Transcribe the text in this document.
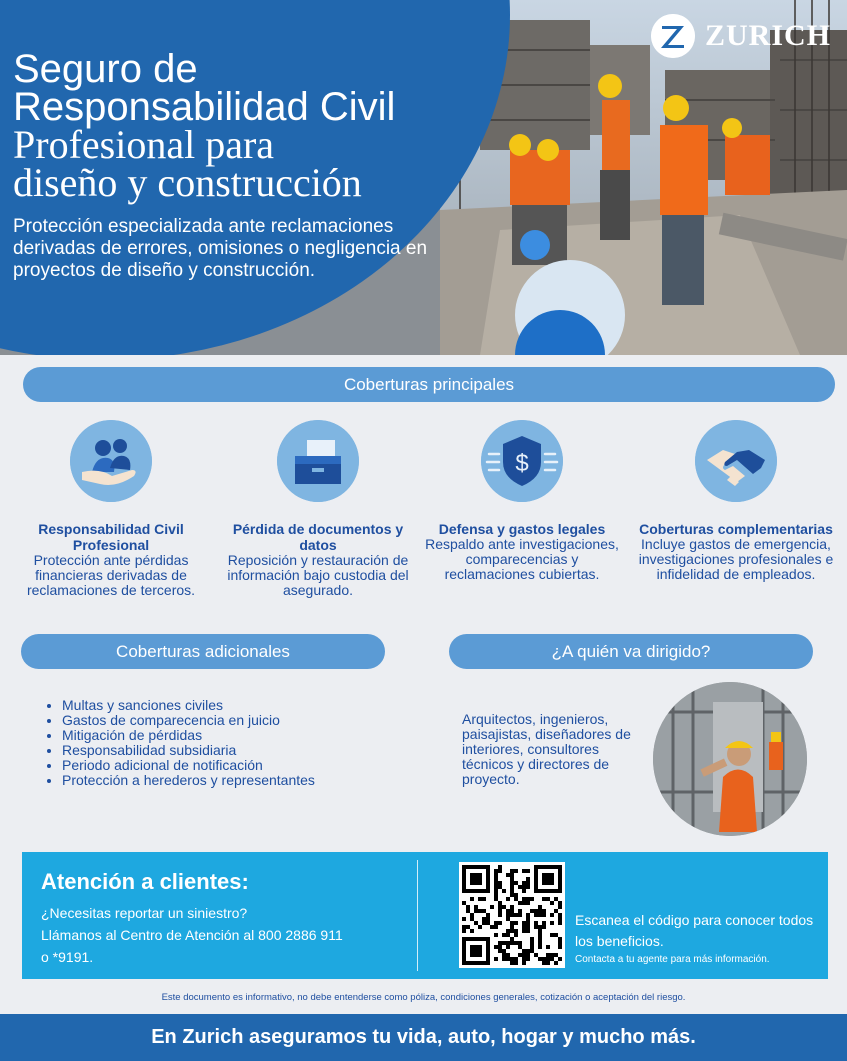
Seguro de
Responsabilidad Civil
Profesional para
diseño y construcción
Protección especializada ante reclamaciones derivadas de errores, omisiones o negligencia en proyectos de diseño y construcción.
ZURICH
Coberturas principales
Responsabilidad Civil Profesional
Protección ante pérdidas financieras derivadas de reclamaciones de terceros.
Pérdida de documentos y datos
Reposición y restauración de información bajo custodia del asegurado.
$
Defensa y gastos legales
Respaldo ante investigaciones, comparecencias y reclamaciones cubiertas.
Coberturas complementarias
Incluye gastos de emergencia, investigaciones profesionales e infidelidad de empleados.
Coberturas adicionales	¿A quién va dirigido?
• Multas y sanciones civiles
• Gastos de comparecencia en juicio
• Mitigación de pérdidas
• Responsabilidad subsidiaria
• Periodo adicional de notificación
• Protección a herederos y representantes
Arquitectos, ingenieros, paisajistas, diseñadores de interiores, consultores técnicos y directores de proyecto.
Atención a clientes:
¿Necesitas reportar un siniestro?
Llámanos al Centro de Atención al 800 2886 911
o *9191.
Escanea el código para conocer todos los beneficios.
Contacta a tu agente para más información.
Este documento es informativo, no debe entenderse como póliza, condiciones generales, cotización o aceptación del riesgo.
En Zurich aseguramos tu vida, auto, hogar y mucho más.
